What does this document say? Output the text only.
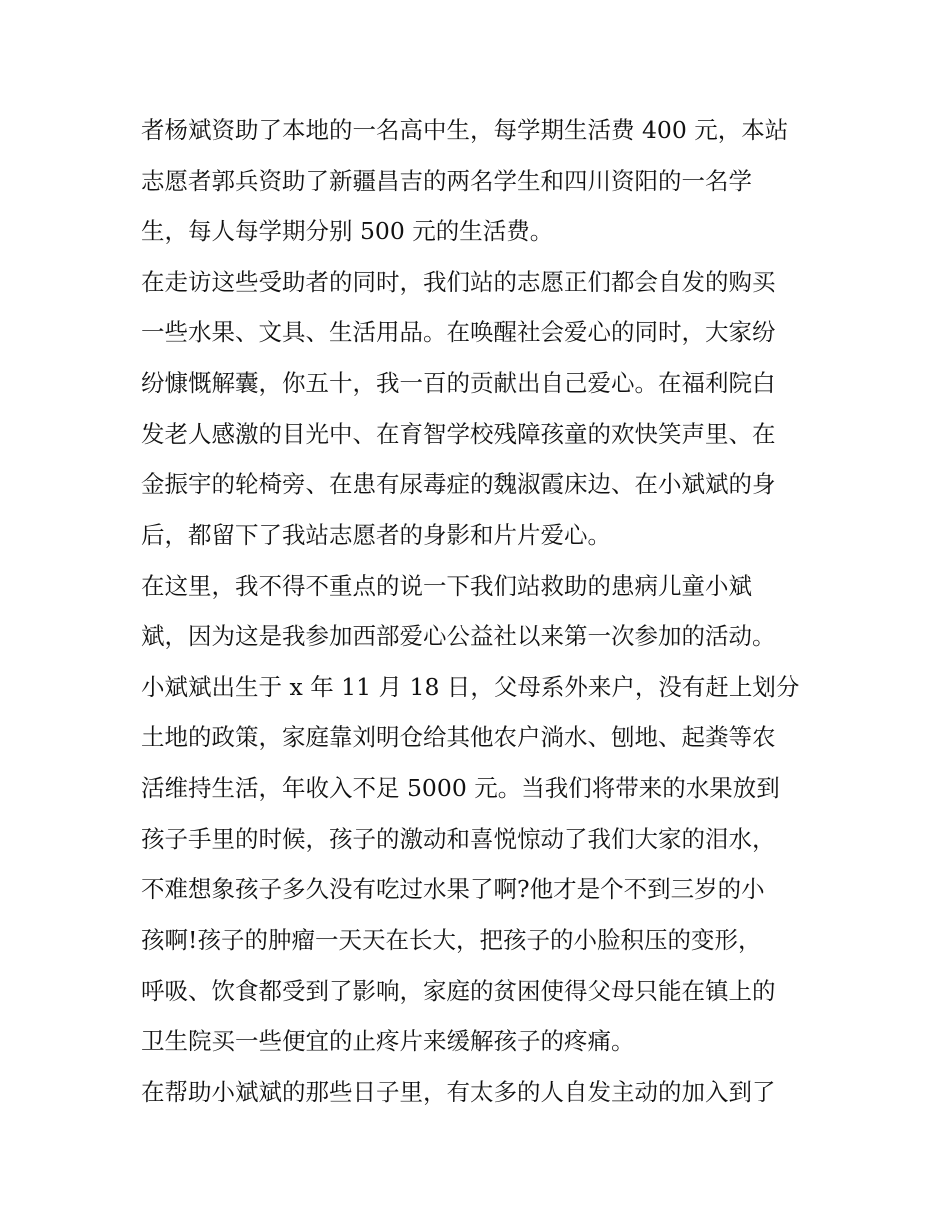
者杨斌资助了本地的一名高中生，每学期生活费 400 元，本站
志愿者郭兵资助了新疆昌吉的两名学生和四川资阳的一名学
生，每人每学期分别 500 元的生活费。
在走访这些受助者的同时，我们站的志愿正们都会自发的购买
一些水果、文具、生活用品。在唤醒社会爱心的同时，大家纷
纷慷慨解囊，你五十，我一百的贡献出自己爱心。在福利院白
发老人感激的目光中、在育智学校残障孩童的欢快笑声里、在
金振宇的轮椅旁、在患有尿毒症的魏淑霞床边、在小斌斌的身
后，都留下了我站志愿者的身影和片片爱心。
在这里，我不得不重点的说一下我们站救助的患病儿童小斌
斌，因为这是我参加西部爱心公益社以来第一次参加的活动。
小斌斌出生于 x 年 11 月 18 日，父母系外来户，没有赶上划分
土地的政策，家庭靠刘明仓给其他农户淌水、刨地、起粪等农
活维持生活，年收入不足 5000 元。当我们将带来的水果放到
孩子手里的时候，孩子的激动和喜悦惊动了我们大家的泪水，
不难想象孩子多久没有吃过水果了啊?他才是个不到三岁的小
孩啊!孩子的肿瘤一天天在长大，把孩子的小脸积压的变形，
呼吸、饮食都受到了影响，家庭的贫困使得父母只能在镇上的
卫生院买一些便宜的止疼片来缓解孩子的疼痛。
在帮助小斌斌的那些日子里，有太多的人自发主动的加入到了
